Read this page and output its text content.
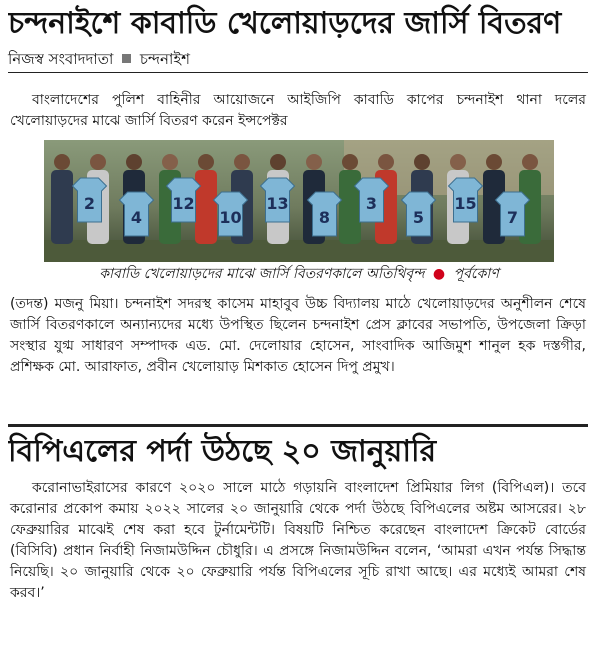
চন্দনাইশে কাবাডি খেলোয়াড়দের জার্সি বিতরণ
নিজস্ব সংবাদদাতা চন্দনাইশ
বাংলাদেশের পুলিশ বাহিনীর আয়োজনে আইজিপি কাবাডি কাপের চন্দনাইশ থানা দলের খেলোয়াড়দের মাঝে জার্সি বিতরণ করেন ইন্সপেক্টর
2
4
12
10
13
8
3
5
15
7
কাবাডি খেলোয়াড়দের মাঝে জার্সি বিতরণকালে অতিথিবৃন্দ ● পূর্বকোণ
(তদন্ত) মজনু মিয়া। চন্দনাইশ সদরস্থ কাসেম মাহাবুব উচ্চ বিদ্যালয় মাঠে খেলোয়াড়দের অনুশীলন শেষে জার্সি বিতরণকালে অন্যান্যদের মধ্যে উপস্থিত ছিলেন চন্দনাইশ প্রেস ক্লাবের সভাপতি, উপজেলা ক্রিড়া সংস্থার যুগ্ম সাধারণ সম্পাদক এড. মো. দেলোয়ার হোসেন, সাংবাদিক আজিমুশ শানুল হক দস্তগীর, প্রশিক্ষক মো. আরাফাত, প্রবীন খেলোয়াড় মিশকাত হোসেন দিপু প্রমুখ।
বিপিএলের পর্দা উঠছে ২০ জানুয়ারি
করোনাভাইরাসের কারণে ২০২০ সালে মাঠে গড়ায়নি বাংলাদেশ প্রিমিয়ার লিগ (বিপিএল)। তবে করোনার প্রকোপ কমায় ২০২২ সালের ২০ জানুয়ারি থেকে পর্দা উঠছে বিপিএলের অষ্টম আসরের। ২৮ ফেব্রুয়ারির মাঝেই শেষ করা হবে টুর্নামেন্টটি। বিষয়টি নিশ্চিত করেছেন বাংলাদেশ ক্রিকেট বোর্ডের (বিসিবি) প্রধান নির্বাহী নিজামউদ্দিন চৌধুরি। এ প্রসঙ্গে নিজামউদ্দিন বলেন, ‘আমরা এখন পর্যন্ত সিদ্ধান্ত নিয়েছি। ২০ জানুয়ারি থেকে ২০ ফেব্রুয়ারি পর্যন্ত বিপিএলের সূচি রাখা আছে। এর মধ্যেই আমরা শেষ করব।’
